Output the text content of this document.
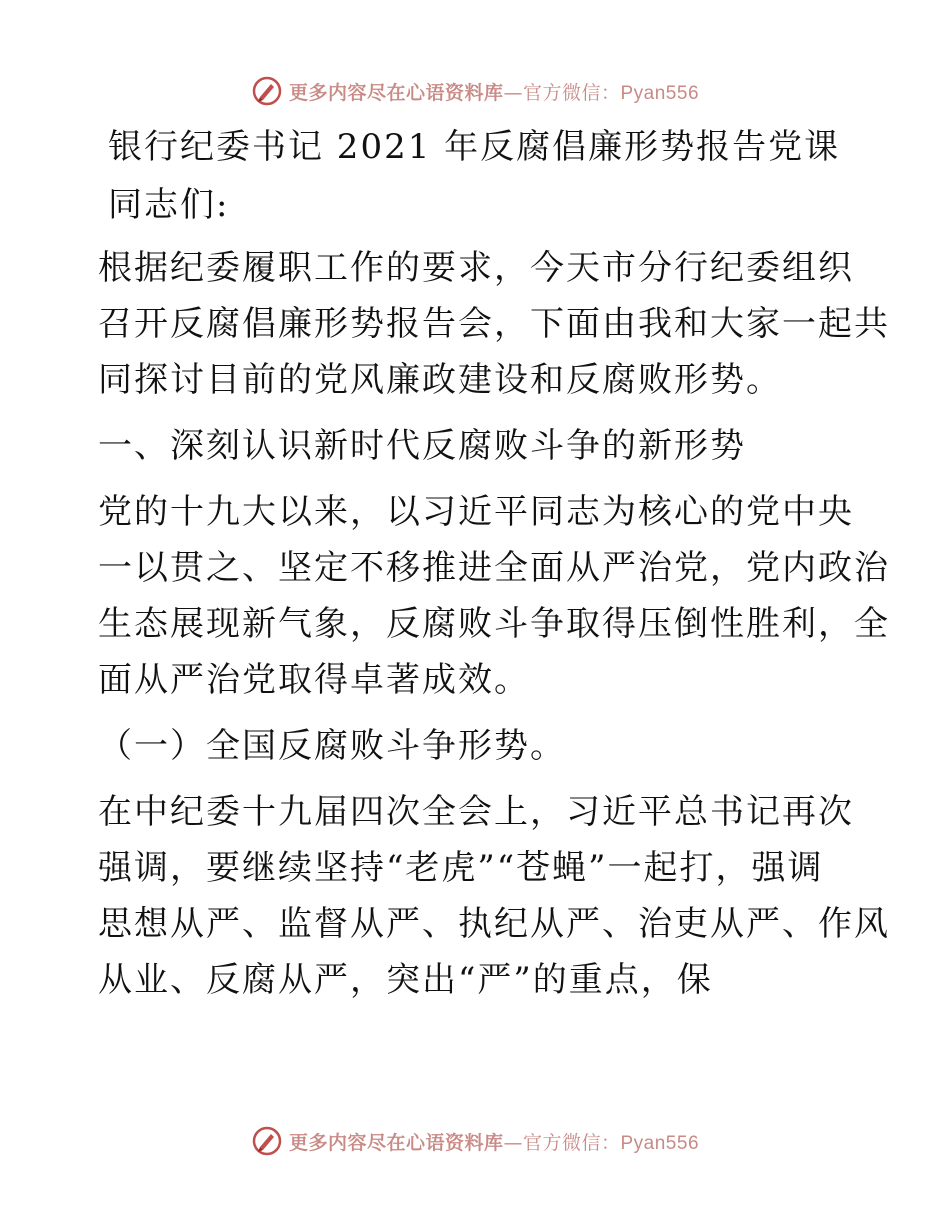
更多内容尽在心语资料库—官方微信：Pyan556
银行纪委书记 2021 年反腐倡廉形势报告党课
同志们:
根据纪委履职工作的要求，今天市分行纪委组织
召开反腐倡廉形势报告会，下面由我和大家一起共
同探讨目前的党风廉政建设和反腐败形势。
一、深刻认识新时代反腐败斗争的新形势
党的十九大以来，以习近平同志为核心的党中央
一以贯之、坚定不移推进全面从严治党，党内政治
生态展现新气象，反腐败斗争取得压倒性胜利，全
面从严治党取得卓著成效。
（一）全国反腐败斗争形势。
在中纪委十九届四次全会上，习近平总书记再次
强调，要继续坚持“老虎”“苍蝇”一起打，强调
思想从严、监督从严、执纪从严、治吏从严、作风
从业、反腐从严，突出“严”的重点，保
更多内容尽在心语资料库—官方微信：Pyan556
